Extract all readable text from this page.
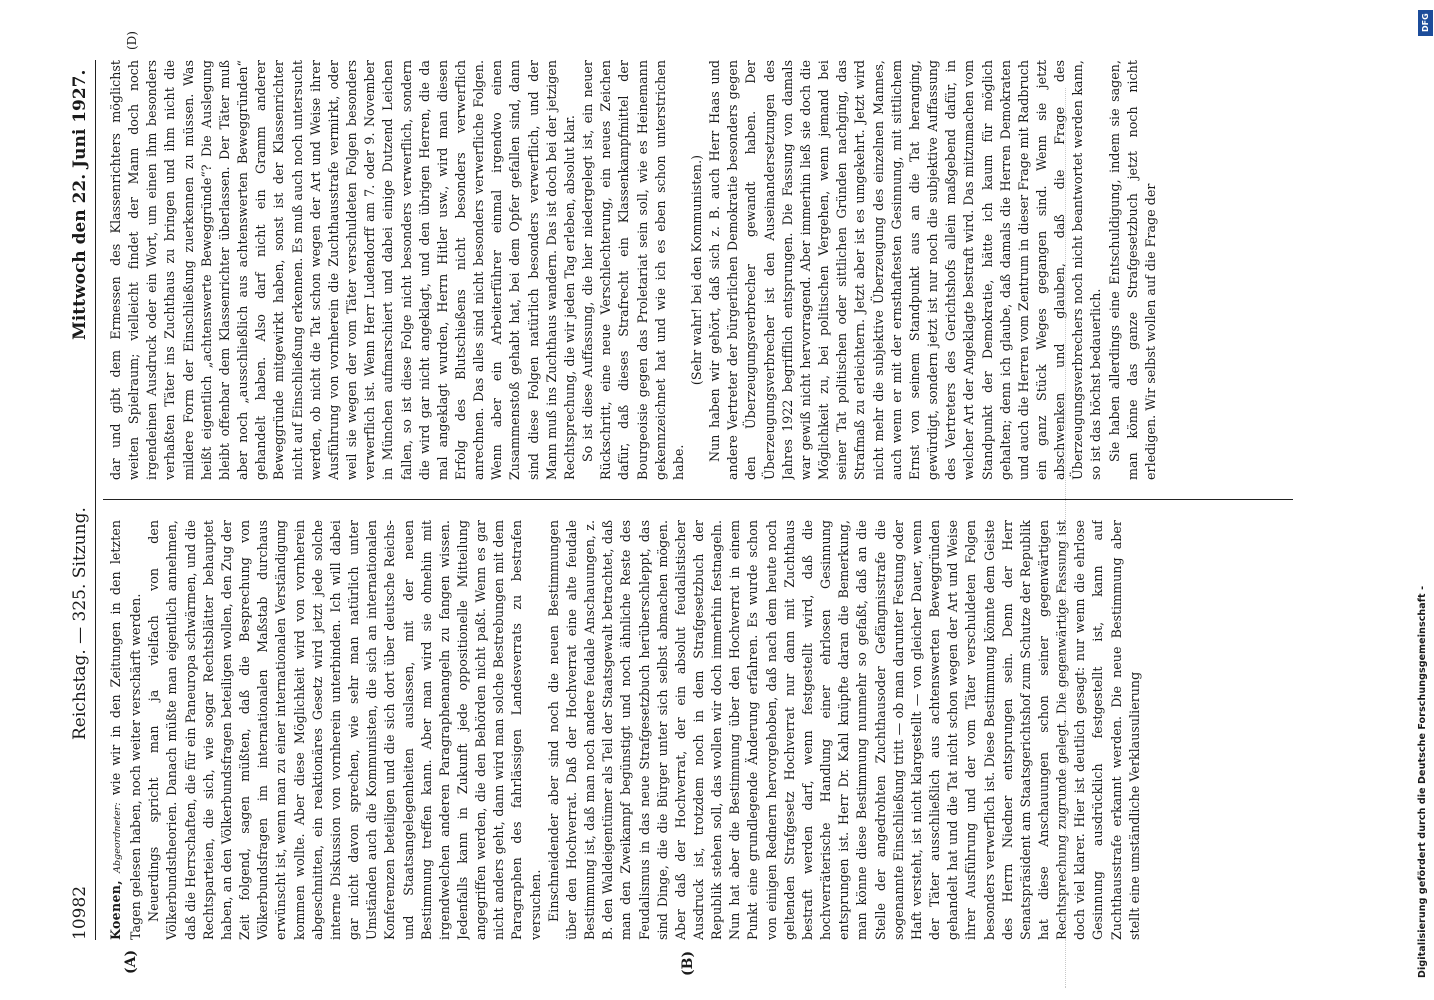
10982
Reichstag. — 325. Sitzung.
Mittwoch den 22. Juni 1927.
(A)	(B)
(D)

Koenen, Abgeordneter: wie wir in den Zeitungen in den letzten Tagen gelesen haben, noch weiter verschärft werden. Neuerdings spricht man ja vielfach von den Völkerbundstheorien. Danach müßte man eigentlich annehmen, daß die Herrschaften, die für ein Paneuropa schwärmen, und die Rechtsparteien, die sich, wie sogar Rechtsblätter behauptet haben, an den Völkerbundsfragen beteiligen wollen, den Zug der Zeit folgend, sagen müßten, daß die Besprechung von Völkerbundsfragen im internationalen Maßstab durchaus erwünscht ist, wenn man zu einer internationalen Verständigung kommen wollte. Aber diese Möglichkeit wird von vornherein abgeschnitten, ein reaktionäres Gesetz wird jetzt jede solche interne Diskussion von vornherein unterbinden. Ich will dabei gar nicht davon sprechen, wie sehr man natürlich unter Umständen auch die Kommunisten, die sich an internationalen Konferenzen beteiligen und die sich dort über deutsche Reichs- und Staatsangelegenheiten auslassen, mit der neuen Bestimmung treffen kann. Aber man wird sie ohnehin mit irgendwelchen anderen Paragraphenangeln zu fangen wissen. Jedenfalls kann in Zukunft jede oppositionelle Mitteilung angegriffen werden, die den Behörden nicht paßt. Wenn es gar nicht anders geht, dann wird man solche Bestrebungen mit dem Paragraphen des fahrlässigen Landesverrats zu bestrafen versuchen. Einschneidender aber sind noch die neuen Bestimmungen über den Hochverrat. Daß der Hochverrat eine alte feudale Bestimmung ist, daß man noch andere feudale Anschauungen, z. B. den Waldeigentümer als Teil der Staatsgewalt betrachtet, daß man den Zweikampf begünstigt und noch ähnliche Reste des Feudalismus in das neue Strafgesetzbuch herüberschleppt, das sind Dinge, die die Bürger unter sich selbst abmachen mögen. Aber daß der Hochverrat, der ein absolut feudalistischer Ausdruck ist, trotzdem noch in dem Strafgesetzbuch der Republik stehen soll, das wollen wir doch immerhin festnageln. Nun hat aber die Bestimmung über den Hochverrat in einem Punkt eine grundlegende Änderung erfahren. Es wurde schon von einigen Rednern hervorgehoben, daß nach dem heute noch geltenden Strafgesetz Hochverrat nur dann mit Zuchthaus bestraft werden darf, wenn festgestellt wird, daß die hochverräterische Handlung einer ehrlosen Gesinnung entsprungen ist. Herr Dr. Kahl knüpfte daran die Bemerkung, man könne diese Bestimmung nunmehr so gefaßt, daß an die Stelle der angedrohten Zuchthausoder Gefängnisstrafe die sogenannte Einschließung tritt — ob man darunter Festung oder Haft versteht, ist nicht klargestellt — von gleicher Dauer, wenn der Täter ausschließlich aus achtenswerten Beweggründen gehandelt hat und die Tat nicht schon wegen der Art und Weise ihrer Ausführung und der vom Täter verschuldeten Folgen besonders verwerflich ist. Diese Bestimmung könnte dem Geiste des Herrn Niedner entsprungen sein. Denn der Herr Senatspräsident am Staatsgerichtshof zum Schutze der Republik hat diese Anschauungen schon seiner gegenwärtigen Rechtsprechung zugrunde gelegt. Die gegenwärtige Fassung ist doch viel klarer. Hier ist deutlich gesagt: nur wenn die ehrlose Gesinnung ausdrücklich festgestellt ist, kann auf Zuchthausstrafe erkannt werden. Die neue Bestimmung aber stellt eine umständliche Verklausulierung

dar und gibt dem Ermessen des Klassenrichters möglichst weiten Spielraum; vielleicht findet der Mann doch noch irgendeinen Ausdruck oder ein Wort, um einen ihm besonders verhaßten Täter ins Zuchthaus zu bringen und ihm nicht die mildere Form der Einschließung zuerkennen zu müssen. Was heißt eigentlich „achtenswerte Beweggründe“? Die Auslegung bleibt offenbar dem Klassenrichter überlassen. Der Täter muß aber noch „ausschließlich aus achtenswerten Beweggründen“ gehandelt haben. Also darf nicht ein Gramm anderer Beweggründe mitgewirkt haben, sonst ist der Klassenrichter nicht auf Einschließung erkennen. Es muß auch noch untersucht werden, ob nicht die Tat schon wegen der Art und Weise ihrer Ausführung von vornherein die Zuchthausstrafe vermirkt, oder weil sie wegen der vom Täter verschuldeten Folgen besonders verwerflich ist. Wenn Herr Ludendorff am 7. oder 9. November in München aufmarschiert und dabei einige Dutzend Leichen fallen, so ist diese Folge nicht besonders verwerflich, sondern die wird gar nicht angeklagt, und den übrigen Herren, die da mal angeklagt wurden, Herrn Hitler usw., wird man diesen Erfolg des Blutschießens nicht besonders verwerflich anrechnen. Das alles sind nicht besonders verwerfliche Folgen. Wenn aber ein Arbeiterführer einmal irgendwo einen Zusammenstoß gehabt hat, bei dem Opfer gefallen sind, dann sind diese Folgen natürlich besonders verwerflich, und der Mann muß ins Zuchthaus wandern. Das ist doch bei der jetzigen Rechtsprechung, die wir jeden Tag erleben, absolut klar. So ist diese Auffassung, die hier niedergelegt ist, ein neuer Rückschritt, eine neue Verschlechterung, ein neues Zeichen dafür, daß dieses Strafrecht ein Klassenkampfmittel der Bourgeoisie gegen das Proletariat sein soll, wie es Heinemann gekennzeichnet hat und wie ich es eben schon unterstrichen habe.

(Sehr wahr! bei den Kommunisten.) Nun haben wir gehört, daß sich z. B. auch Herr Haas und andere Vertreter der bürgerlichen Demokratie besonders gegen den Überzeugungsverbrecher gewandt haben. Der Überzeugungsverbrecher ist den Auseinandersetzungen des Jahres 1922 begrifflich entsprungen. Die Fassung von damals war gewiß nicht hervorragend. Aber immerhin ließ sie doch die Möglichkeit zu, bei politischen Vergehen, wenn jemand bei seiner Tat politischen oder sittlichen Gründen nachging, das Strafmaß zu erleichtern. Jetzt aber ist es umgekehrt. Jetzt wird nicht mehr die subjektive Überzeugung des einzelnen Mannes, auch wenn er mit der ernsthaftesten Gesinnung, mit sittlichem Ernst von seinem Standpunkt aus an die Tat heranging, gewürdigt, sondern jetzt ist nur noch die subjektive Auffassung des Vertreters des Gerichtshofs allein maßgebend dafür, in welcher Art der Angeklagte bestraft wird. Das mitzumachen vom Standpunkt der Demokratie, hätte ich kaum für möglich gehalten; denn ich glaube, daß damals die Herren Demokraten und auch die Herren vom Zentrum in dieser Frage mit Radbruch ein ganz Stück Weges gegangen sind. Wenn sie jetzt abschwenken und glauben, daß die Frage des Überzeugungsverbrechers noch nicht beantwortet werden kann, so ist das höchst bedauerlich. Sie haben allerdings eine Entschuldigung, indem sie sagen, man könne das ganze Strafgesetzbuch jetzt noch nicht erledigen. Wir selbst wollen auf die Frage der

Digitalisierung gefördert durch die Deutsche Forschungsgemeinschaft -
DFG
